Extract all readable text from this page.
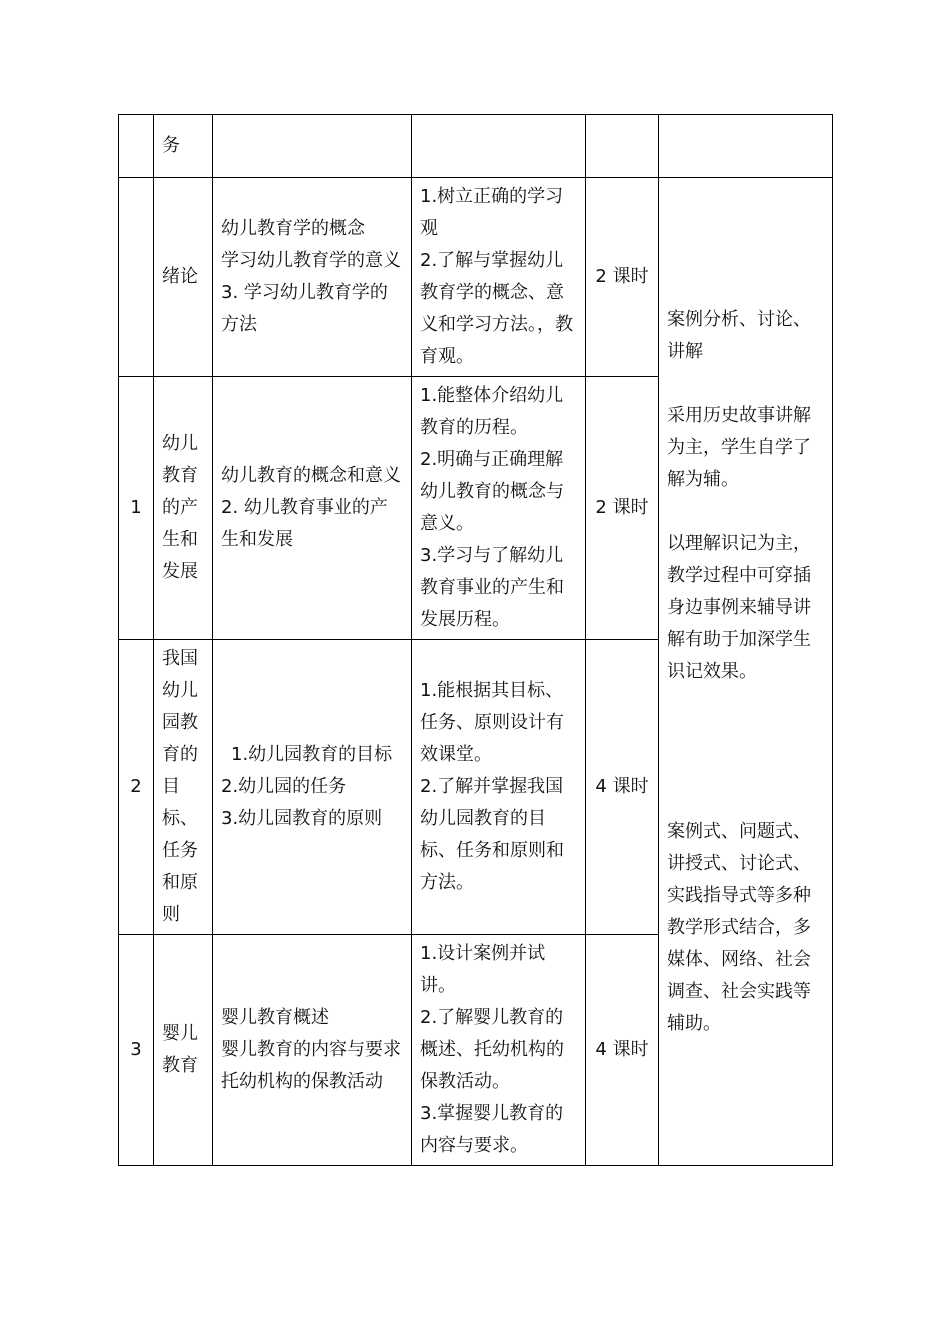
	务					
	绪论	幼儿教育学的概念
学习幼儿教育学的意义
3. 学习幼儿教育学的方法	1.树立正确的学习观
2.了解与掌握幼儿教育学的概念、意义和学习方法。，教育观。	2 课时	案例分析、讨论、讲解
采用历史故事讲解为主，学生自学了解为辅。
以理解识记为主，教学过程中可穿插身边事例来辅导讲解有助于加深学生识记效果。
案例式、问题式、讲授式、讨论式、实践指导式等多种教学形式结合，多媒体、网络、社会调查、社会实践等辅助。	

1	幼儿教育的产生和发展	幼儿教育的概念和意义
2. 幼儿教育事业的产生和发展	1.能整体介绍幼儿教育的历程。
2.明确与正确理解幼儿教育的概念与意义。
3.学习与了解幼儿教育事业的产生和发展历程。	2 课时		
2	我国幼儿园教育的目标、任务和原则	1.幼儿园教育的目标
2.幼儿园的任务
3.幼儿园教育的原则	1.能根据其目标、任务、原则设计有效课堂。
2.了解并掌握我国幼儿园教育的目标、任务和原则和方法。	4 课时		
3	婴儿教育	婴儿教育概述
婴儿教育的内容与要求
托幼机构的保教活动	1.设计案例并试讲。
2.了解婴儿教育的概述、托幼机构的保教活动。
3.掌握婴儿教育的内容与要求。	4 课时		
